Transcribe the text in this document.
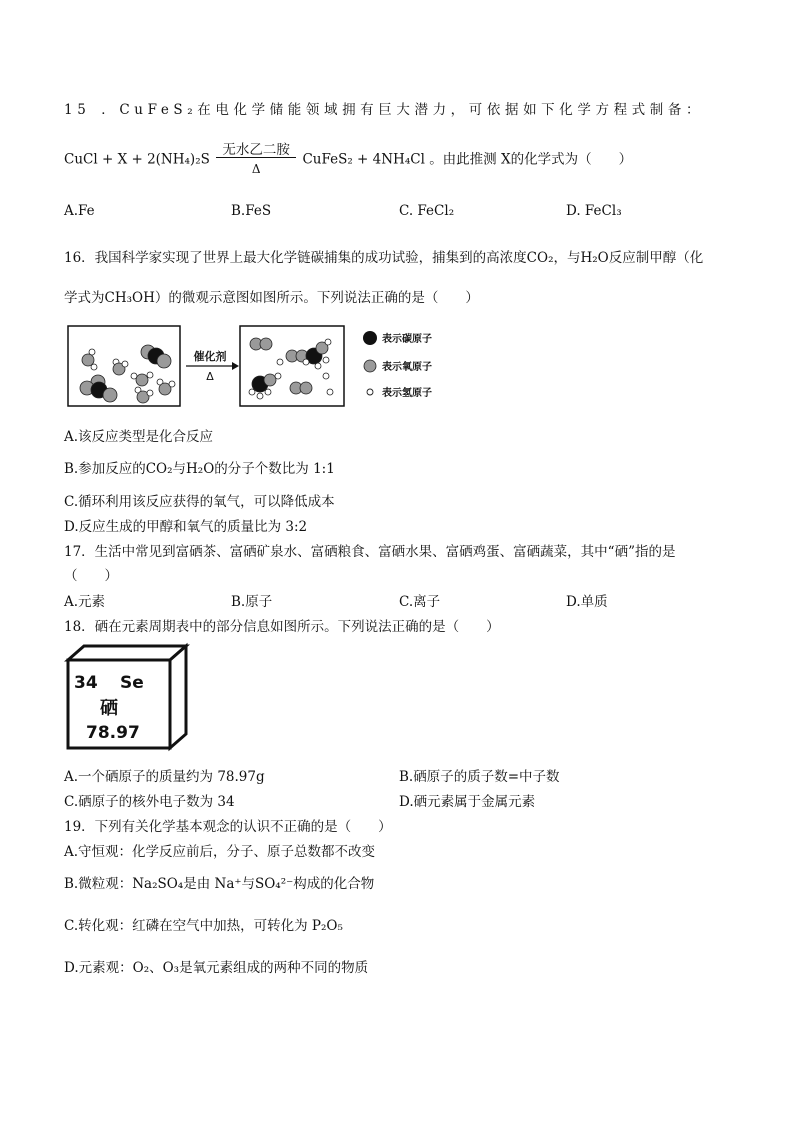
15 ．CuFeS₂在电化学储能领域拥有巨大潜力，可依据如下化学方程式制备：
CuCl + X + 2(NH₄)₂S
无水乙二胺
Δ
CuFeS₂ + 4NH₄Cl 。由此推测 X的化学式为（　　）
A.Fe	B.FeS	C. FeCl₂	D. FeCl₃
16．我国科学家实现了世界上最大化学链碳捕集的成功试验，捕集到的高浓度CO₂，与H₂O反应制甲醇（化
学式为CH₃OH）的微观示意图如图所示。下列说法正确的是（　　）
催化剂
Δ
表示碳原子
表示氧原子
表示氢原子
A.该反应类型是化合反应
B.参加反应的CO₂与H₂O的分子个数比为 1:1
C.循环利用该反应获得的氧气，可以降低成本
D.反应生成的甲醇和氧气的质量比为 3:2
17．生活中常见到富硒茶、富硒矿泉水、富硒粮食、富硒水果、富硒鸡蛋、富硒蔬菜，其中“硒”指的是
（　　）
A.元素	B.原子	C.离子	D.单质
18．硒在元素周期表中的部分信息如图所示。下列说法正确的是（　　）
34 Se
硒
78.97
A.一个硒原子的质量约为 78.97g	B.硒原子的质子数=中子数
C.硒原子的核外电子数为 34	D.硒元素属于金属元素
19．下列有关化学基本观念的认识不正确的是（　　）
A.守恒观：化学反应前后，分子、原子总数都不改变
B.微粒观：Na₂SO₄是由 Na⁺与SO₄²⁻构成的化合物
C.转化观：红磷在空气中加热，可转化为 P₂O₅
D.元素观：O₂、O₃是氧元素组成的两种不同的物质
